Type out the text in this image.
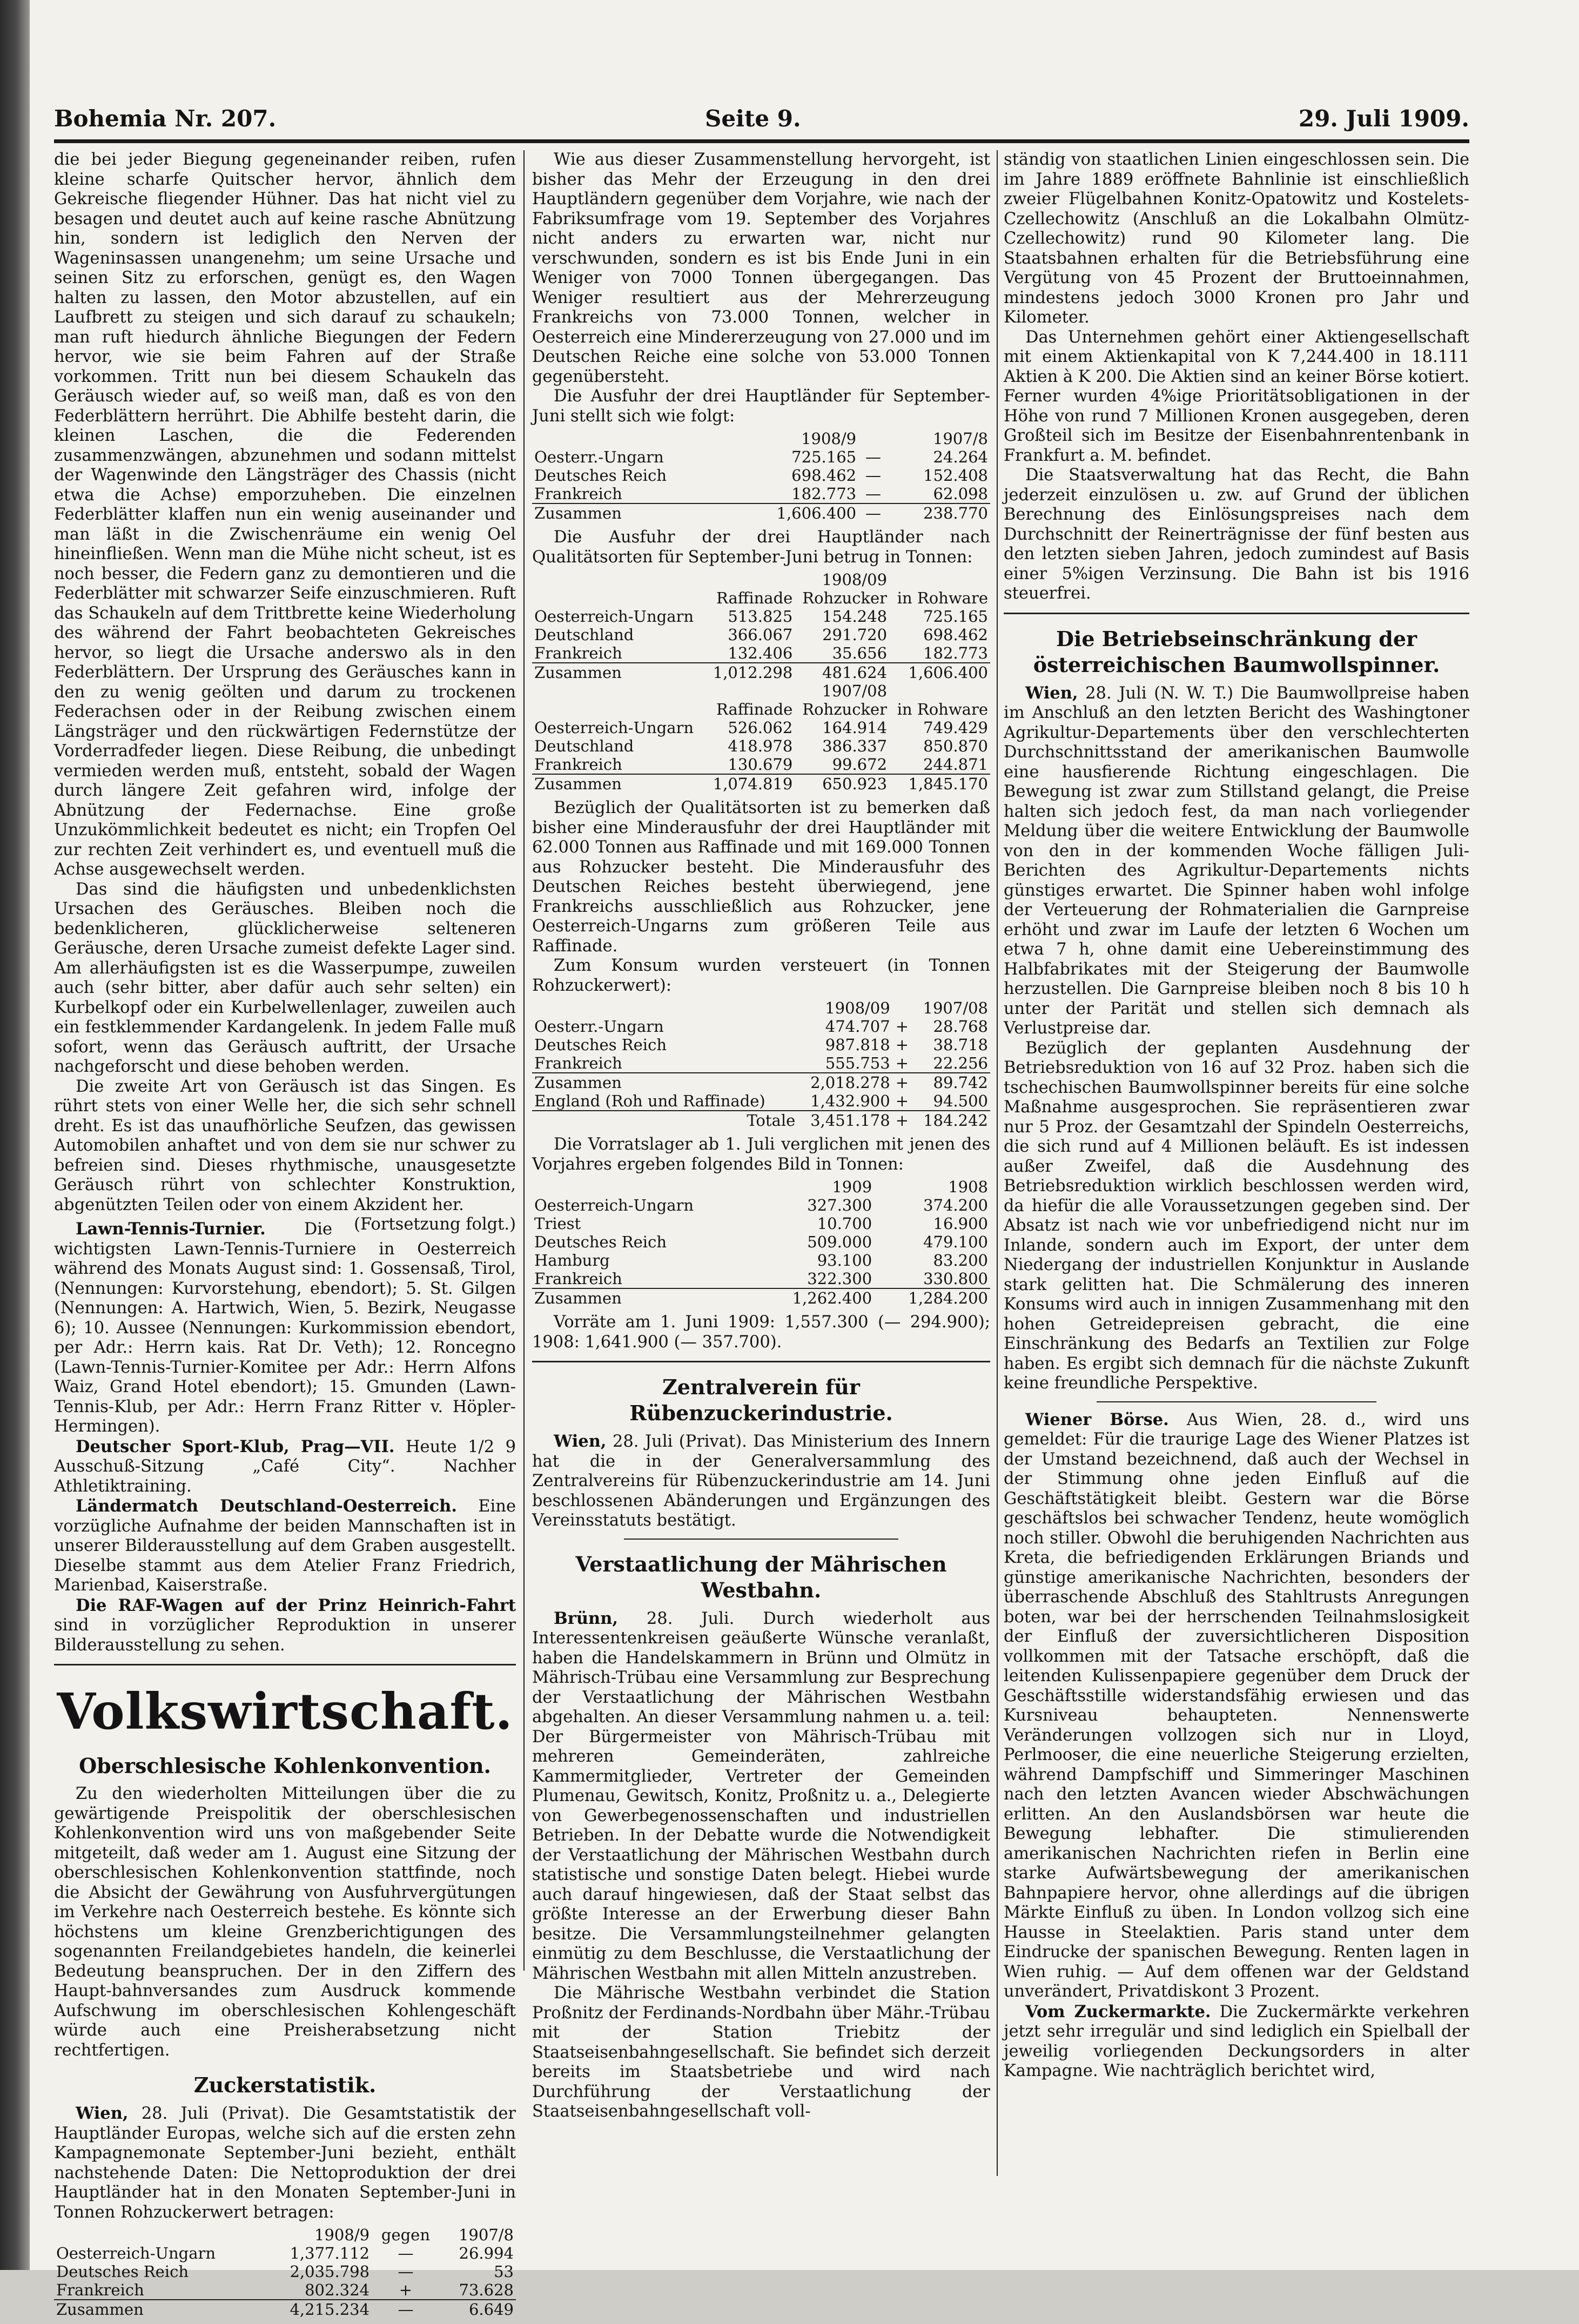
Bohemia Nr. 207.	Seite 9.	29. Juli 1909.

die bei jeder Biegung gegeneinander reiben, rufen kleine scharfe Quitscher hervor, ähnlich dem Gekreische fliegender Hühner. Das hat nicht viel zu besagen und deutet auch auf keine rasche Abnützung hin, sondern ist lediglich den Nerven der Wageninsassen unangenehm; um seine Ursache und seinen Sitz zu erforschen, genügt es, den Wagen halten zu lassen, den Motor abzustellen, auf ein Laufbrett zu steigen und sich darauf zu schaukeln; man ruft hiedurch ähnliche Biegungen der Federn hervor, wie sie beim Fahren auf der Straße vorkommen. Tritt nun bei diesem Schaukeln das Geräusch wieder auf, so weiß man, daß es von den Federblättern herrührt. Die Abhilfe besteht darin, die kleinen Laschen, die die Federenden zusammenzwängen, abzunehmen und sodann mittelst der Wagenwinde den Längsträger des Chassis (nicht etwa die Achse) emporzuheben. Die einzelnen Federblätter klaffen nun ein wenig auseinander und man läßt in die Zwischenräume ein wenig Oel hineinfließen. Wenn man die Mühe nicht scheut, ist es noch besser, die Federn ganz zu demontieren und die Federblätter mit schwarzer Seife einzuschmieren. Ruft das Schaukeln auf dem Trittbrette keine Wiederholung des während der Fahrt beobachteten Gekreisches hervor, so liegt die Ursache anderswo als in den Federblättern. Der Ursprung des Geräusches kann in den zu wenig geölten und darum zu trockenen Federachsen oder in der Reibung zwischen einem Längsträger und den rückwärtigen Federnstütze der Vorderradfeder liegen. Diese Reibung, die unbedingt vermieden werden muß, entsteht, sobald der Wagen durch längere Zeit gefahren wird, infolge der Abnützung der Federnachse. Eine große Unzukömmlichkeit bedeutet es nicht; ein Tropfen Oel zur rechten Zeit verhindert es, und eventuell muß die Achse ausgewechselt werden.

Das sind die häufigsten und unbedenklichsten Ursachen des Geräusches. Bleiben noch die bedenklicheren, glücklicherweise selteneren Geräusche, deren Ursache zumeist defekte Lager sind. Am allerhäufigsten ist es die Wasserpumpe, zuweilen auch (sehr bitter, aber dafür auch sehr selten) ein Kurbelkopf oder ein Kurbelwellenlager, zuweilen auch ein festklemmender Kardangelenk. In jedem Falle muß sofort, wenn das Geräusch auftritt, der Ursache nachgeforscht und diese behoben werden.

Die zweite Art von Geräusch ist das Singen. Es rührt stets von einer Welle her, die sich sehr schnell dreht. Es ist das unaufhörliche Seufzen, das gewissen Automobilen anhaftet und von dem sie nur schwer zu befreien sind. Dieses rhythmische, unausgesetzte Geräusch rührt von schlechter Konstruktion, abgenützten Teilen oder von einem Akzident her.
(Fortsetzung folgt.)

Lawn-Tennis-Turnier. Die wichtigsten Lawn-Tennis-Turniere in Oesterreich während des Monats August sind: 1. Gossensaß, Tirol, (Nennungen: Kurvorstehung, ebendort); 5. St. Gilgen (Nennungen: A. Hartwich, Wien, 5. Bezirk, Neugasse 6); 10. Aussee (Nennungen: Kurkommission ebendort, per Adr.: Herrn kais. Rat Dr. Veth); 12. Roncegno (Lawn-Tennis-Turnier-Komitee per Adr.: Herrn Alfons Waiz, Grand Hotel ebendort); 15. Gmunden (Lawn-Tennis-Klub, per Adr.: Herrn Franz Ritter v. Höpler-Hermingen).

Deutscher Sport-Klub, Prag—VII. Heute 1/2 9 Ausschuß-Sitzung „Café City“. Nachher Athletiktraining.

Ländermatch Deutschland-Oesterreich. Eine vorzügliche Aufnahme der beiden Mannschaften ist in unserer Bilderausstellung auf dem Graben ausgestellt. Dieselbe stammt aus dem Atelier Franz Friedrich, Marienbad, Kaiserstraße.

Die RAF-Wagen auf der Prinz Heinrich-Fahrt sind in vorzüglicher Reproduktion in unserer Bilderausstellung zu sehen.

Volkswirtschaft.
Oberschlesische Kohlenkonvention.

Zu den wiederholten Mitteilungen über die zu gewärtigende Preispolitik der oberschlesischen Kohlenkonvention wird uns von maßgebender Seite mitgeteilt, daß weder am 1. August eine Sitzung der oberschlesischen Kohlenkonvention stattfinde, noch die Absicht der Gewährung von Ausfuhrvergütungen im Verkehre nach Oesterreich bestehe. Es könnte sich höchstens um kleine Grenzberichtigungen des sogenannten Freilandgebietes handeln, die keinerlei Bedeutung beanspruchen. Der in den Ziffern des Haupt-bahnversandes zum Ausdruck kommende Aufschwung im oberschlesischen Kohlengeschäft würde auch eine Preisherabsetzung nicht rechtfertigen.

Zuckerstatistik.

Wien, 28. Juli (Privat). Die Gesamtstatistik der Hauptländer Europas, welche sich auf die ersten zehn Kampagnemonate September-Juni bezieht, enthält nachstehende Daten: Die Nettoproduktion der drei Hauptländer hat in den Monaten September-Juni in Tonnen Rohzuckerwert betragen:

	1908/9	gegen	1907/8
Oesterreich-Ungarn	1,377.112	—	26.994
Deutsches Reich	2,035.798	—	53
Frankreich	802.324	+	73.628
Zusammen	4,215.234	—	6.649

Wie aus dieser Zusammenstellung hervorgeht, ist bisher das Mehr der Erzeugung in den drei Hauptländern gegenüber dem Vorjahre, wie nach der Fabriksumfrage vom 19. September des Vorjahres nicht anders zu erwarten war, nicht nur verschwunden, sondern es ist bis Ende Juni in ein Weniger von 7000 Tonnen übergegangen. Das Weniger resultiert aus der Mehrerzeugung Frankreichs von 73.000 Tonnen, welcher in Oesterreich eine Mindererzeugung von 27.000 und im Deutschen Reiche eine solche von 53.000 Tonnen gegenübersteht.

Die Ausfuhr der drei Hauptländer für September-Juni stellt sich wie folgt:

	1908/9		1907/8
Oesterr.-Ungarn	725.165	—	24.264
Deutsches Reich	698.462	—	152.408
Frankreich	182.773	—	62.098
Zusammen	1,606.400	—	238.770

Die Ausfuhr der drei Hauptländer nach Qualitätsorten für September-Juni betrug in Tonnen:

	1908/09		
	Raffinade	Rohzucker	in Rohware
Oesterreich-Ungarn	513.825	154.248	725.165
Deutschland	366.067	291.720	698.462
Frankreich	132.406	35.656	182.773
Zusammen	1,012.298	481.624	1,606.400
	1907/08		
	Raffinade	Rohzucker	in Rohware
Oesterreich-Ungarn	526.062	164.914	749.429
Deutschland	418.978	386.337	850.870
Frankreich	130.679	99.672	244.871
Zusammen	1,074.819	650.923	1,845.170

Bezüglich der Qualitätsorten ist zu bemerken daß bisher eine Minderausfuhr der drei Hauptländer mit 62.000 Tonnen aus Raffinade und mit 169.000 Tonnen aus Rohzucker besteht. Die Minderausfuhr des Deutschen Reiches besteht überwiegend, jene Frankreichs ausschließlich aus Rohzucker, jene Oesterreich-Ungarns zum größeren Teile aus Raffinade.

Zum Konsum wurden versteuert (in Tonnen Rohzuckerwert):

	1908/09		1907/08
Oesterr.-Ungarn	474.707	+	28.768
Deutsches Reich	987.818	+	38.718
Frankreich	555.753	+	22.256
Zusammen	2,018.278	+	89.742
England (Roh und Raffinade)	1,432.900	+	94.500
Totale	3,451.178	+	184.242

Die Vorratslager ab 1. Juli verglichen mit jenen des Vorjahres ergeben folgendes Bild in Tonnen:

	1909	1908
Oesterreich-Ungarn	327.300	374.200
Triest	10.700	16.900
Deutsches Reich	509.000	479.100
Hamburg	93.100	83.200
Frankreich	322.300	330.800
Zusammen	1,262.400	1,284.200

Vorräte am 1. Juni 1909: 1,557.300 (— 294.900); 1908: 1,641.900 (— 357.700).

Zentralverein für Rübenzuckerindustrie.

Wien, 28. Juli (Privat). Das Ministerium des Innern hat die in der Generalversammlung des Zentralvereins für Rübenzuckerindustrie am 14. Juni beschlossenen Abänderungen und Ergänzungen des Vereinsstatuts bestätigt.

Verstaatlichung der Mährischen Westbahn.

Brünn, 28. Juli. Durch wiederholt aus Interessentenkreisen geäußerte Wünsche veranlaßt, haben die Handelskammern in Brünn und Olmütz in Mährisch-Trübau eine Versammlung zur Besprechung der Verstaatlichung der Mährischen Westbahn abgehalten. An dieser Versammlung nahmen u. a. teil: Der Bürgermeister von Mährisch-Trübau mit mehreren Gemeinderäten, zahlreiche Kammermitglieder, Vertreter der Gemeinden Plumenau, Gewitsch, Konitz, Proßnitz u. a., Delegierte von Gewerbegenossenschaften und industriellen Betrieben. In der Debatte wurde die Notwendigkeit der Verstaatlichung der Mährischen Westbahn durch statistische und sonstige Daten belegt. Hiebei wurde auch darauf hingewiesen, daß der Staat selbst das größte Interesse an der Erwerbung dieser Bahn besitze. Die Versammlungsteilnehmer gelangten einmütig zu dem Beschlusse, die Verstaatlichung der Mährischen Westbahn mit allen Mitteln anzustreben.

Die Mährische Westbahn verbindet die Station Proßnitz der Ferdinands-Nordbahn über Mähr.-Trübau mit der Station Triebitz der Staatseisenbahngesellschaft. Sie befindet sich derzeit bereits im Staatsbetriebe und wird nach Durchführung der Verstaatlichung der Staatseisenbahngesellschaft voll-

ständig von staatlichen Linien eingeschlossen sein. Die im Jahre 1889 eröffnete Bahnlinie ist einschließlich zweier Flügelbahnen Konitz-Opatowitz und Kostelets-Czellechowitz (Anschluß an die Lokalbahn Olmütz-Czellechowitz) rund 90 Kilometer lang. Die Staatsbahnen erhalten für die Betriebsführung eine Vergütung von 45 Prozent der Bruttoeinnahmen, mindestens jedoch 3000 Kronen pro Jahr und Kilometer.

Das Unternehmen gehört einer Aktiengesellschaft mit einem Aktienkapital von K 7,244.400 in 18.111 Aktien à K 200. Die Aktien sind an keiner Börse kotiert. Ferner wurden 4%ige Prioritätsobligationen in der Höhe von rund 7 Millionen Kronen ausgegeben, deren Großteil sich im Besitze der Eisenbahnrentenbank in Frankfurt a. M. befindet.

Die Staatsverwaltung hat das Recht, die Bahn jederzeit einzulösen u. zw. auf Grund der üblichen Berechnung des Einlösungspreises nach dem Durchschnitt der Reinerträgnisse der fünf besten aus den letzten sieben Jahren, jedoch zumindest auf Basis einer 5%igen Verzinsung. Die Bahn ist bis 1916 steuerfrei.

Die Betriebseinschränkung der österreichischen Baumwollspinner.

Wien, 28. Juli (N. W. T.) Die Baumwollpreise haben im Anschluß an den letzten Bericht des Washingtoner Agrikultur-Departements über den verschlechterten Durchschnittsstand der amerikanischen Baumwolle eine hausfierende Richtung eingeschlagen. Die Bewegung ist zwar zum Stillstand gelangt, die Preise halten sich jedoch fest, da man nach vorliegender Meldung über die weitere Entwicklung der Baumwolle von den in der kommenden Woche fälligen Juli-Berichten des Agrikultur-Departements nichts günstiges erwartet. Die Spinner haben wohl infolge der Verteuerung der Rohmaterialien die Garnpreise erhöht und zwar im Laufe der letzten 6 Wochen um etwa 7 h, ohne damit eine Uebereinstimmung des Halbfabrikates mit der Steigerung der Baumwolle herzustellen. Die Garnpreise bleiben noch 8 bis 10 h unter der Parität und stellen sich demnach als Verlustpreise dar.

Bezüglich der geplanten Ausdehnung der Betriebsreduktion von 16 auf 32 Proz. haben sich die tschechischen Baumwollspinner bereits für eine solche Maßnahme ausgesprochen. Sie repräsentieren zwar nur 5 Proz. der Gesamtzahl der Spindeln Oesterreichs, die sich rund auf 4 Millionen beläuft. Es ist indessen außer Zweifel, daß die Ausdehnung des Betriebsreduktion wirklich beschlossen werden wird, da hiefür die alle Voraussetzungen gegeben sind. Der Absatz ist nach wie vor unbefriedigend nicht nur im Inlande, sondern auch im Export, der unter dem Niedergang der industriellen Konjunktur in Auslande stark gelitten hat. Die Schmälerung des inneren Konsums wird auch in innigen Zusammenhang mit den hohen Getreidepreisen gebracht, die eine Einschränkung des Bedarfs an Textilien zur Folge haben. Es ergibt sich demnach für die nächste Zukunft keine freundliche Perspektive.

Wiener Börse. Aus Wien, 28. d., wird uns gemeldet: Für die traurige Lage des Wiener Platzes ist der Umstand bezeichnend, daß auch der Wechsel in der Stimmung ohne jeden Einfluß auf die Geschäftstätigkeit bleibt. Gestern war die Börse geschäftslos bei schwacher Tendenz, heute womöglich noch stiller. Obwohl die beruhigenden Nachrichten aus Kreta, die befriedigenden Erklärungen Briands und günstige amerikanische Nachrichten, besonders der überraschende Abschluß des Stahltrusts Anregungen boten, war bei der herrschenden Teilnahmslosigkeit der Einfluß der zuversichtlicheren Disposition vollkommen mit der Tatsache erschöpft, daß die leitenden Kulissenpapiere gegenüber dem Druck der Geschäftsstille widerstandsfähig erwiesen und das Kursniveau behaupteten. Nennenswerte Veränderungen vollzogen sich nur in Lloyd, Perlmooser, die eine neuerliche Steigerung erzielten, während Dampfschiff und Simmeringer Maschinen nach den letzten Avancen wieder Abschwächungen erlitten. An den Auslandsbörsen war heute die Bewegung lebhafter. Die stimulierenden amerikanischen Nachrichten riefen in Berlin eine starke Aufwärtsbewegung der amerikanischen Bahnpapiere hervor, ohne allerdings auf die übrigen Märkte Einfluß zu üben. In London vollzog sich eine Hausse in Steelaktien. Paris stand unter dem Eindrucke der spanischen Bewegung. Renten lagen in Wien ruhig. — Auf dem offenen war der Geldstand unverändert, Privatdiskont 3 Prozent.

Vom Zuckermarkte. Die Zuckermärkte verkehren jetzt sehr irregulär und sind lediglich ein Spielball der jeweilig vorliegenden Deckungsorders in alter Kampagne. Wie nachträglich berichtet wird,
